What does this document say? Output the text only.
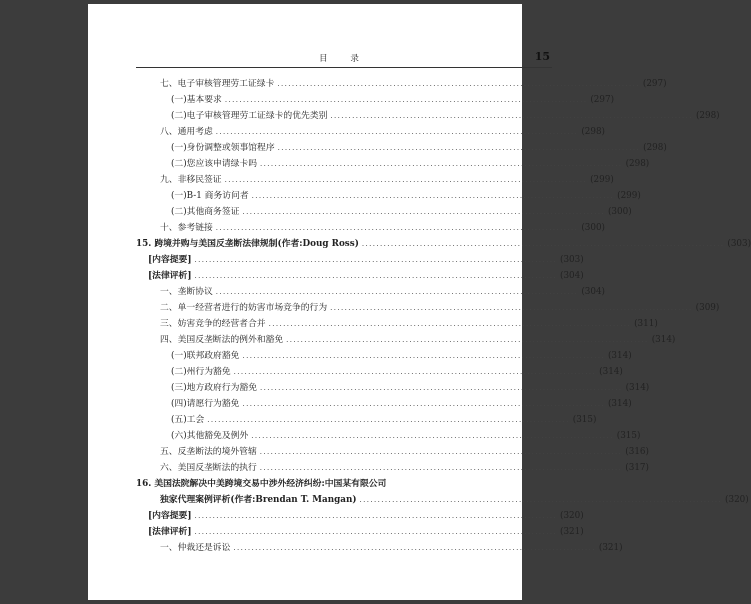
目 录	15
七、电子审核管理劳工证绿卡 .................................................................................................... (297)
(一)基本要求 .................................................................................................... (297)
(二)电子审核管理劳工证绿卡的优先类别 .................................................................................................... (298)
八、通用考虑 .................................................................................................... (298)
(一)身份调整或领事馆程序 .................................................................................................... (298)
(二)您应该申请绿卡吗 .................................................................................................... (298)
九、非移民签证 .................................................................................................... (299)
(一)B-1 商务访问者 .................................................................................................... (299)
(二)其他商务签证 .................................................................................................... (300)
十、参考链接 .................................................................................................... (300)
15. 跨境并购与美国反垄断法律规制(作者:Doug Ross) .................................................................................................... (303)
[内容提要] .................................................................................................... (303)
[法律评析] .................................................................................................... (304)
一、垄断协议 .................................................................................................... (304)
二、单一经营者进行的妨害市场竞争的行为 .................................................................................................... (309)
三、妨害竞争的经营者合并 .................................................................................................... (311)
四、美国反垄断法的例外和豁免 .................................................................................................... (314)
(一)联邦政府豁免 .................................................................................................... (314)
(二)州行为豁免 .................................................................................................... (314)
(三)地方政府行为豁免 .................................................................................................... (314)
(四)请愿行为豁免 .................................................................................................... (314)
(五)工会 .................................................................................................... (315)
(六)其他豁免及例外 .................................................................................................... (315)
五、反垄断法的境外管辖 .................................................................................................... (316)
六、美国反垄断法的执行 .................................................................................................... (317)
16. 美国法院解决中美跨境交易中涉外经济纠纷:中国某有限公司
独家代理案例评析(作者:Brendan T. Mangan) .................................................................................................... (320)
[内容提要] .................................................................................................... (320)
[法律评析] .................................................................................................... (321)
一、仲裁还是诉讼 .................................................................................................... (321)
